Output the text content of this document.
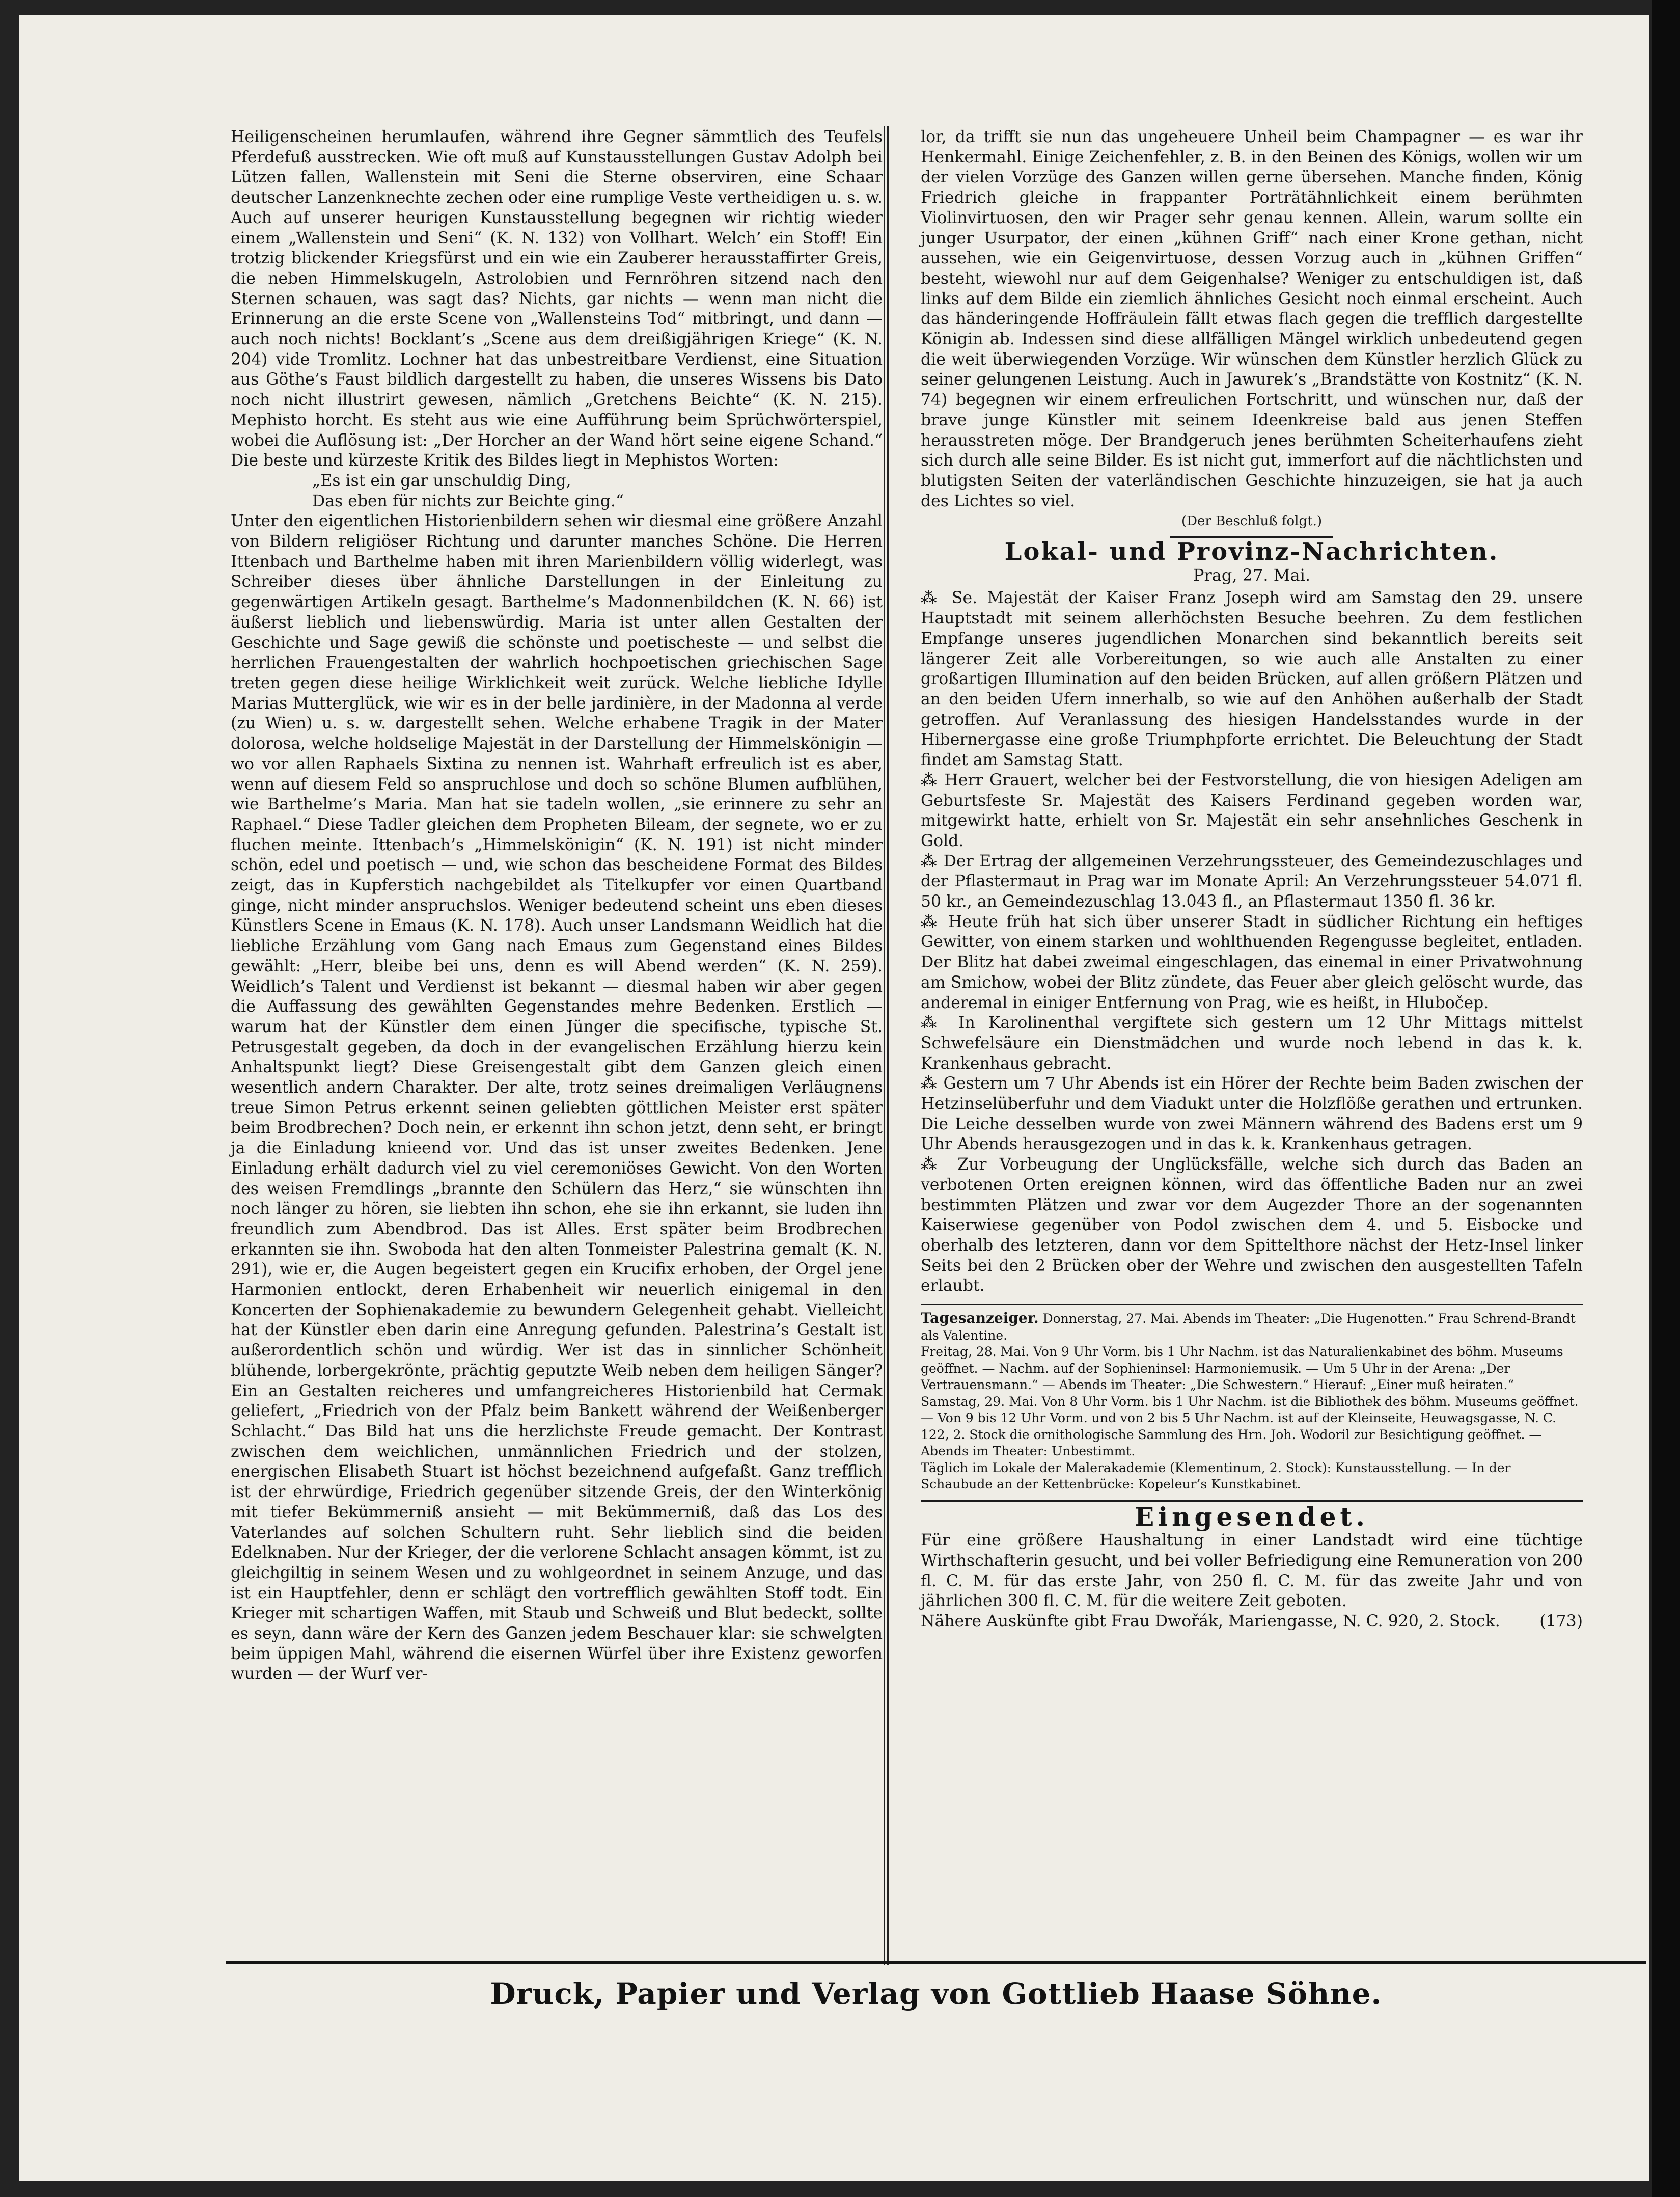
Heiligenscheinen herumlaufen, während ihre Gegner sämmtlich des Teufels Pferdefuß ausstrecken. Wie oft muß auf Kunstausstellungen Gustav Adolph bei Lützen fallen, Wallenstein mit Seni die Sterne observiren, eine Schaar deutscher Lanzenknechte zechen oder eine rumplige Veste vertheidigen u. s. w. Auch auf unserer heurigen Kunstausstellung begegnen wir richtig wieder einem „Wallenstein und Seni“ (K. N. 132) von Vollhart. Welch’ ein Stoff! Ein trotzig blickender Kriegsfürst und ein wie ein Zauberer herausstaffirter Greis, die neben Himmelskugeln, Astrolobien und Fernröhren sitzend nach den Sternen schauen, was sagt das? Nichts, gar nichts — wenn man nicht die Erinnerung an die erste Scene von „Wallensteins Tod“ mitbringt, und dann — auch noch nichts! Bocklant’s „Scene aus dem dreißigjährigen Kriege“ (K. N. 204) vide Tromlitz. Lochner hat das unbestreitbare Verdienst, eine Situation aus Göthe’s Faust bildlich dargestellt zu haben, die unseres Wissens bis Dato noch nicht illustrirt gewesen, nämlich „Gretchens Beichte“ (K. N. 215). Mephisto horcht. Es steht aus wie eine Aufführung beim Sprüchwörterspiel, wobei die Auflösung ist: „Der Horcher an der Wand hört seine eigene Schand.“ Die beste und kürzeste Kritik des Bildes liegt in Mephistos Worten:

„Es ist ein gar unschuldig Ding,

Das eben für nichts zur Beichte ging.“

Unter den eigentlichen Historienbildern sehen wir diesmal eine größere Anzahl von Bildern religiöser Richtung und darunter manches Schöne. Die Herren Ittenbach und Barthelme haben mit ihren Marienbildern völlig widerlegt, was Schreiber dieses über ähnliche Darstellungen in der Einleitung zu gegenwärtigen Artikeln gesagt. Barthelme’s Madonnenbildchen (K. N. 66) ist äußerst lieblich und liebenswürdig. Maria ist unter allen Gestalten der Geschichte und Sage gewiß die schönste und poetischeste — und selbst die herrlichen Frauengestalten der wahrlich hochpoetischen griechischen Sage treten gegen diese heilige Wirklichkeit weit zurück. Welche liebliche Idylle Marias Mutterglück, wie wir es in der belle jardinière, in der Madonna al verde (zu Wien) u. s. w. dargestellt sehen. Welche erhabene Tragik in der Mater dolorosa, welche holdselige Majestät in der Darstellung der Himmelskönigin — wo vor allen Raphaels Sixtina zu nennen ist. Wahrhaft erfreulich ist es aber, wenn auf diesem Feld so anspruchlose und doch so schöne Blumen aufblühen, wie Barthelme’s Maria. Man hat sie tadeln wollen, „sie erinnere zu sehr an Raphael.“ Diese Tadler gleichen dem Propheten Bileam, der segnete, wo er zu fluchen meinte. Ittenbach’s „Himmelskönigin“ (K. N. 191) ist nicht minder schön, edel und poetisch — und, wie schon das bescheidene Format des Bildes zeigt, das in Kupferstich nachgebildet als Titelkupfer vor einen Quartband ginge, nicht minder anspruchslos. Weniger bedeutend scheint uns eben dieses Künstlers Scene in Emaus (K. N. 178). Auch unser Landsmann Weidlich hat die liebliche Erzählung vom Gang nach Emaus zum Gegenstand eines Bildes gewählt: „Herr, bleibe bei uns, denn es will Abend werden“ (K. N. 259). Weidlich’s Talent und Verdienst ist bekannt — diesmal haben wir aber gegen die Auffassung des gewählten Gegenstandes mehre Bedenken. Erstlich — warum hat der Künstler dem einen Jünger die specifische, typische St. Petrusgestalt gegeben, da doch in der evangelischen Erzählung hierzu kein Anhaltspunkt liegt? Diese Greisengestalt gibt dem Ganzen gleich einen wesentlich andern Charakter. Der alte, trotz seines dreimaligen Verläugnens treue Simon Petrus erkennt seinen geliebten göttlichen Meister erst später beim Brodbrechen? Doch nein, er erkennt ihn schon jetzt, denn seht, er bringt ja die Einladung knieend vor. Und das ist unser zweites Bedenken. Jene Einladung erhält dadurch viel zu viel ceremoniöses Gewicht. Von den Worten des weisen Fremdlings „brannte den Schülern das Herz,“ sie wünschten ihn noch länger zu hören, sie liebten ihn schon, ehe sie ihn erkannt, sie luden ihn freundlich zum Abendbrod. Das ist Alles. Erst später beim Brodbrechen erkannten sie ihn. Swoboda hat den alten Tonmeister Palestrina gemalt (K. N. 291), wie er, die Augen begeistert gegen ein Krucifix erhoben, der Orgel jene Harmonien entlockt, deren Erhabenheit wir neuerlich einigemal in den Koncerten der Sophienakademie zu bewundern Gelegenheit gehabt. Vielleicht hat der Künstler eben darin eine Anregung gefunden. Palestrina’s Gestalt ist außerordentlich schön und würdig. Wer ist das in sinnlicher Schönheit blühende, lorbergekrönte, prächtig geputzte Weib neben dem heiligen Sänger? Ein an Gestalten reicheres und umfangreicheres Historienbild hat Cermak geliefert, „Friedrich von der Pfalz beim Bankett während der Weißenberger Schlacht.“ Das Bild hat uns die herzlichste Freude gemacht. Der Kontrast zwischen dem weichlichen, unmännlichen Friedrich und der stolzen, energischen Elisabeth Stuart ist höchst bezeichnend aufgefaßt. Ganz trefflich ist der ehrwürdige, Friedrich gegenüber sitzende Greis, der den Winterkönig mit tiefer Bekümmerniß ansieht — mit Bekümmerniß, daß das Los des Vaterlandes auf solchen Schultern ruht. Sehr lieblich sind die beiden Edelknaben. Nur der Krieger, der die verlorene Schlacht ansagen kömmt, ist zu gleichgiltig in seinem Wesen und zu wohlgeordnet in seinem Anzuge, und das ist ein Hauptfehler, denn er schlägt den vortrefflich gewählten Stoff todt. Ein Krieger mit schartigen Waffen, mit Staub und Schweiß und Blut bedeckt, sollte es seyn, dann wäre der Kern des Ganzen jedem Beschauer klar: sie schwelgten beim üppigen Mahl, während die eisernen Würfel über ihre Existenz geworfen wurden — der Wurf ver-

lor, da trifft sie nun das ungeheuere Unheil beim Champagner — es war ihr Henkermahl. Einige Zeichenfehler, z. B. in den Beinen des Königs, wollen wir um der vielen Vorzüge des Ganzen willen gerne übersehen. Manche finden, König Friedrich gleiche in frappanter Porträtähnlichkeit einem berühmten Violinvirtuosen, den wir Prager sehr genau kennen. Allein, warum sollte ein junger Usurpator, der einen „kühnen Griff“ nach einer Krone gethan, nicht aussehen, wie ein Geigenvirtuose, dessen Vorzug auch in „kühnen Griffen“ besteht, wiewohl nur auf dem Geigenhalse? Weniger zu entschuldigen ist, daß links auf dem Bilde ein ziemlich ähnliches Gesicht noch einmal erscheint. Auch das händeringende Hoffräulein fällt etwas flach gegen die trefflich dargestellte Königin ab. Indessen sind diese allfälligen Mängel wirklich unbedeutend gegen die weit überwiegenden Vorzüge. Wir wünschen dem Künstler herzlich Glück zu seiner gelungenen Leistung. Auch in Jawurek’s „Brandstätte von Kostnitz“ (K. N. 74) begegnen wir einem erfreulichen Fortschritt, und wünschen nur, daß der brave junge Künstler mit seinem Ideenkreise bald aus jenen Steffen herausstreten möge. Der Brandgeruch jenes berühmten Scheiterhaufens zieht sich durch alle seine Bilder. Es ist nicht gut, immerfort auf die nächtlichsten und blutigsten Seiten der vaterländischen Geschichte hinzuzeigen, sie hat ja auch des Lichtes so viel.

(Der Beschluß folgt.)

Lokal- und Provinz-Nachrichten.
Prag, 27. Mai.

⁂ Se. Majestät der Kaiser Franz Joseph wird am Samstag den 29. unsere Hauptstadt mit seinem allerhöchsten Besuche beehren. Zu dem festlichen Empfange unseres jugendlichen Monarchen sind bekanntlich bereits seit längerer Zeit alle Vorbereitungen, so wie auch alle Anstalten zu einer großartigen Illumination auf den beiden Brücken, auf allen größern Plätzen und an den beiden Ufern innerhalb, so wie auf den Anhöhen außerhalb der Stadt getroffen. Auf Veranlassung des hiesigen Handelsstandes wurde in der Hibernergasse eine große Triumphpforte errichtet. Die Beleuchtung der Stadt findet am Samstag Statt.

⁂ Herr Grauert, welcher bei der Festvorstellung, die von hiesigen Adeligen am Geburtsfeste Sr. Majestät des Kaisers Ferdinand gegeben worden war, mitgewirkt hatte, erhielt von Sr. Majestät ein sehr ansehnliches Geschenk in Gold.

⁂ Der Ertrag der allgemeinen Verzehrungssteuer, des Gemeindezuschlages und der Pflastermaut in Prag war im Monate April: An Verzehrungssteuer 54.071 fl. 50 kr., an Gemeindezuschlag 13.043 fl., an Pflastermaut 1350 fl. 36 kr.

⁂ Heute früh hat sich über unserer Stadt in südlicher Richtung ein heftiges Gewitter, von einem starken und wohlthuenden Regengusse begleitet, entladen. Der Blitz hat dabei zweimal eingeschlagen, das einemal in einer Privatwohnung am Smichow, wobei der Blitz zündete, das Feuer aber gleich gelöscht wurde, das anderemal in einiger Entfernung von Prag, wie es heißt, in Hlubočep.

⁂ In Karolinenthal vergiftete sich gestern um 12 Uhr Mittags mittelst Schwefelsäure ein Dienstmädchen und wurde noch lebend in das k. k. Krankenhaus gebracht.

⁂ Gestern um 7 Uhr Abends ist ein Hörer der Rechte beim Baden zwischen der Hetzinselüberfuhr und dem Viadukt unter die Holzflöße gerathen und ertrunken. Die Leiche desselben wurde von zwei Männern während des Badens erst um 9 Uhr Abends herausgezogen und in das k. k. Krankenhaus getragen.

⁂ Zur Vorbeugung der Unglücksfälle, welche sich durch das Baden an verbotenen Orten ereignen können, wird das öffentliche Baden nur an zwei bestimmten Plätzen und zwar vor dem Augezder Thore an der sogenannten Kaiserwiese gegenüber von Podol zwischen dem 4. und 5. Eisbocke und oberhalb des letzteren, dann vor dem Spittelthore nächst der Hetz-Insel linker Seits bei den 2 Brücken ober der Wehre und zwischen den ausgestellten Tafeln erlaubt.

Tagesanzeiger. Donnerstag, 27. Mai. Abends im Theater: „Die Hugenotten.“ Frau Schrend-Brandt als Valentine.

Freitag, 28. Mai. Von 9 Uhr Vorm. bis 1 Uhr Nachm. ist das Naturalienkabinet des böhm. Museums geöffnet. — Nachm. auf der Sophieninsel: Harmoniemusik. — Um 5 Uhr in der Arena: „Der Vertrauensmann.“ — Abends im Theater: „Die Schwestern.“ Hierauf: „Einer muß heiraten.“

Samstag, 29. Mai. Von 8 Uhr Vorm. bis 1 Uhr Nachm. ist die Bibliothek des böhm. Museums geöffnet. — Von 9 bis 12 Uhr Vorm. und von 2 bis 5 Uhr Nachm. ist auf der Kleinseite, Heuwagsgasse, N. C. 122, 2. Stock die ornithologische Sammlung des Hrn. Joh. Wodoril zur Besichtigung geöffnet. — Abends im Theater: Unbestimmt.

Täglich im Lokale der Malerakademie (Klementinum, 2. Stock): Kunstausstellung. — In der Schaubude an der Kettenbrücke: Kopeleur’s Kunstkabinet.

Eingesendet.

Für eine größere Haushaltung in einer Landstadt wird eine tüchtige Wirthschafterin gesucht, und bei voller Befriedigung eine Remuneration von 200 fl. C. M. für das erste Jahr, von 250 fl. C. M. für das zweite Jahr und von jährlichen 300 fl. C. M. für die weitere Zeit geboten.

Nähere Auskünfte gibt Frau Dwořák, Mariengasse, N. C. 920, 2. Stock. (173)

Druck, Papier und Verlag von Gottlieb Haase Söhne.
